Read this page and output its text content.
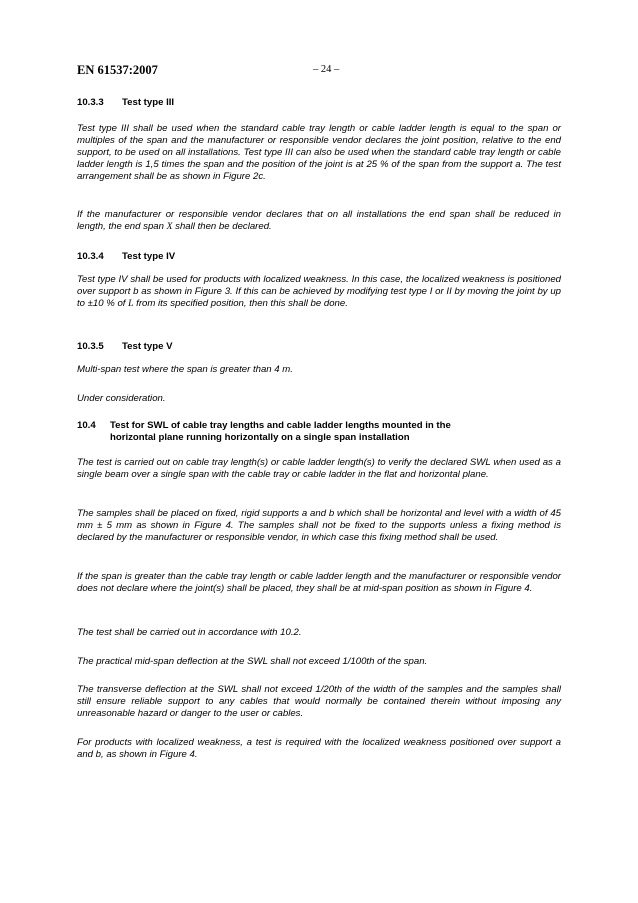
EN 61537:2007	– 24 –
10.3.3 Test type III

Test type III shall be used when the standard cable tray length or cable ladder length is equal to the span or multiples of the span and the manufacturer or responsible vendor declares the joint position, relative to the end support, to be used on all installations. Test type III can also be used when the standard cable tray length or cable ladder length is 1,5 times the span and the position of the joint is at 25 % of the span from the support a. The test arrangement shall be as shown in Figure 2c.

If the manufacturer or responsible vendor declares that on all installations the end span shall be reduced in length, the end span X shall then be declared.

10.3.4 Test type IV

Test type IV shall be used for products with localized weakness. In this case, the localized weakness is positioned over support b as shown in Figure 3. If this can be achieved by modifying test type I or II by moving the joint by up to ±10 % of L from its specified position, then this shall be done.

10.3.5 Test type V

Multi-span test where the span is greater than 4 m.

Under consideration.

10.4 Test for SWL of cable tray lengths and cable ladder lengths mounted in the
horizontal plane running horizontally on a single span installation

The test is carried out on cable tray length(s) or cable ladder length(s) to verify the declared SWL when used as a single beam over a single span with the cable tray or cable ladder in the flat and horizontal plane.

The samples shall be placed on fixed, rigid supports a and b which shall be horizontal and level with a width of 45 mm ± 5 mm as shown in Figure 4. The samples shall not be fixed to the supports unless a fixing method is declared by the manufacturer or responsible vendor, in which case this fixing method shall be used.

If the span is greater than the cable tray length or cable ladder length and the manufacturer or responsible vendor does not declare where the joint(s) shall be placed, they shall be at mid-span position as shown in Figure 4.

The test shall be carried out in accordance with 10.2.

The practical mid-span deflection at the SWL shall not exceed 1/100th of the span.

The transverse deflection at the SWL shall not exceed 1/20th of the width of the samples and the samples shall still ensure reliable support to any cables that would normally be contained therein without imposing any unreasonable hazard or danger to the user or cables.

For products with localized weakness, a test is required with the localized weakness positioned over support a and b, as shown in Figure 4.
